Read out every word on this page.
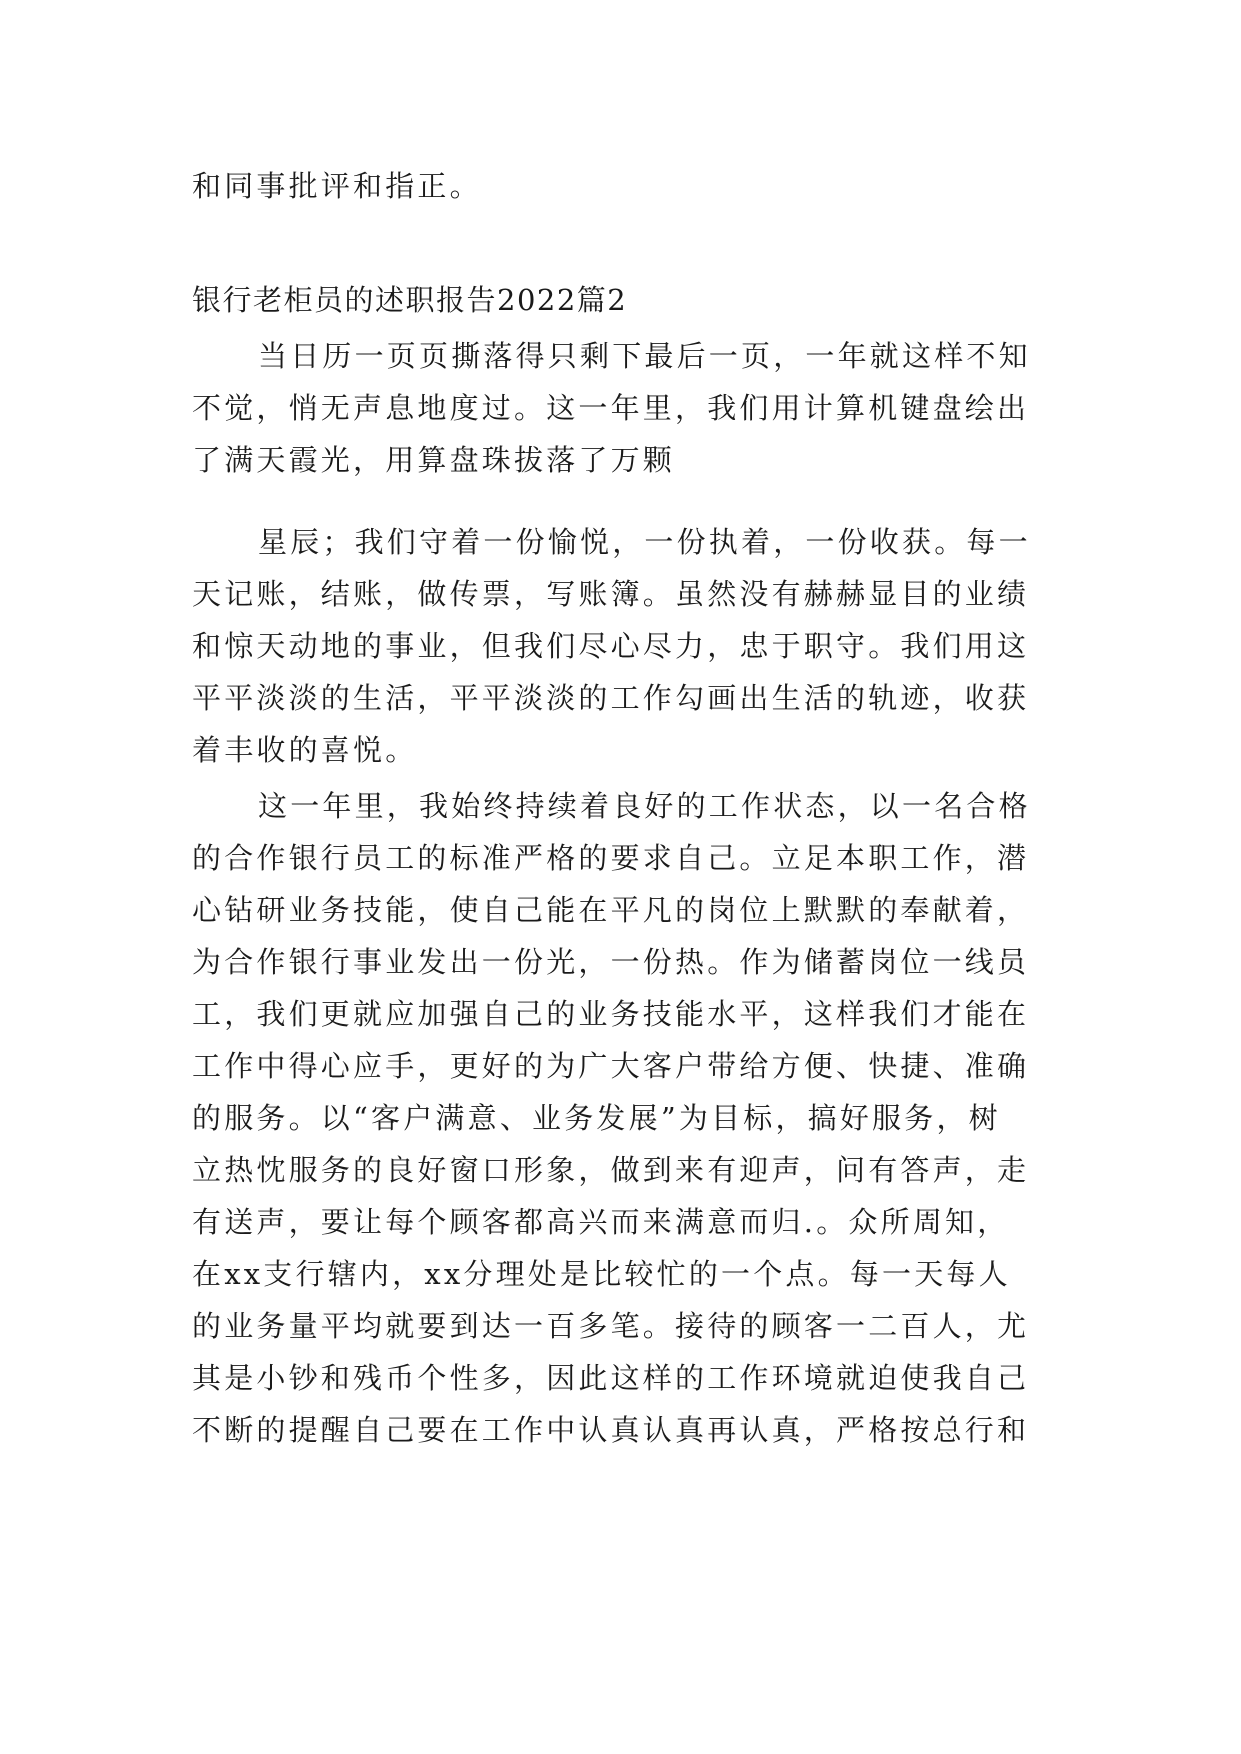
和同事批评和指正。

银行老柜员的述职报告2022篇2

当日历一页页撕落得只剩下最后一页，一年就这样不知

不觉，悄无声息地度过。这一年里，我们用计算机键盘绘出

了满天霞光，用算盘珠拔落了万颗

星辰；我们守着一份愉悦，一份执着，一份收获。每一

天记账，结账，做传票，写账簿。虽然没有赫赫显目的业绩

和惊天动地的事业，但我们尽心尽力，忠于职守。我们用这

平平淡淡的生活，平平淡淡的工作勾画出生活的轨迹，收获

着丰收的喜悦。

这一年里，我始终持续着良好的工作状态，以一名合格

的合作银行员工的标准严格的要求自己。立足本职工作，潜

心钻研业务技能，使自己能在平凡的岗位上默默的奉献着，

为合作银行事业发出一份光，一份热。作为储蓄岗位一线员

工，我们更就应加强自己的业务技能水平，这样我们才能在

工作中得心应手，更好的为广大客户带给方便、快捷、准确

的服务。以“客户满意、业务发展”为目标，搞好服务，树

立热忱服务的良好窗口形象，做到来有迎声，问有答声，走

有送声，要让每个顾客都高兴而来满意而归.。众所周知，

在xx支行辖内，xx分理处是比较忙的一个点。每一天每人

的业务量平均就要到达一百多笔。接待的顾客一二百人，尤

其是小钞和残币个性多，因此这样的工作环境就迫使我自己

不断的提醒自己要在工作中认真认真再认真，严格按总行和
